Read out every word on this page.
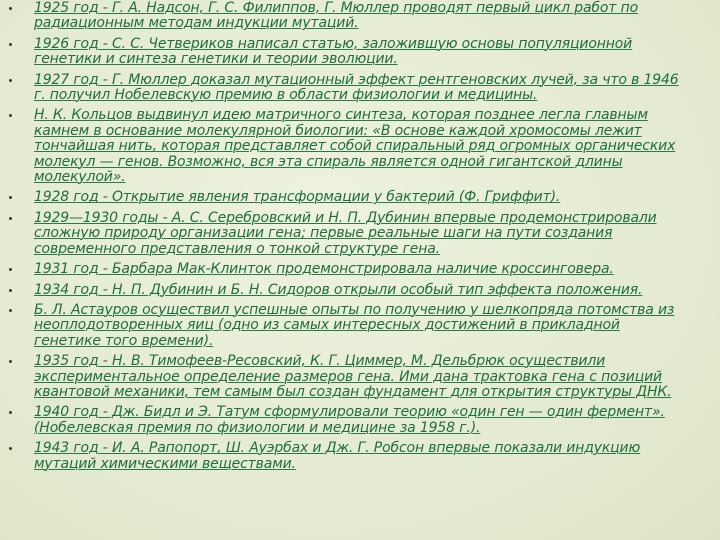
1925 год - Г. А. Надсон, Г. С. Филиппов, Г. Мюллер проводят первый цикл работ по радиационным методам индукции мутаций.
1926 год - С. С. Четвериков написал статью, заложившую основы популяционной генетики и синтеза генетики и теории эволюции.
1927 год - Г. Мюллер доказал мутационный эффект рентгеновских лучей, за что в 1946 г. получил Нобелевскую премию в области физиологии и медицины.
Н. К. Кольцов выдвинул идею матричного синтеза, которая позднее легла главным камнем в основание молекулярной биологии: «В основе каждой хромосомы лежит тончайшая нить, которая представляет собой спиральный ряд огромных органических молекул — генов. Возможно, вся эта спираль является одной гигантской длины молекулой».
1928 год - Открытие явления трансформации у бактерий (Ф. Гриффит).
1929—1930 годы - А. С. Серебровский и Н. П. Дубинин впервые продемонстрировали сложную природу организации гена; первые реальные шаги на пути создания современного представления о тонкой структуре гена.
1931 год - Барбара Мак-Клинток продемонстрировала наличие кроссинговера.
1934 год - Н. П. Дубинин и Б. Н. Сидоров открыли особый тип эффекта положения.
Б. Л. Астауров осуществил успешные опыты по получению у шелкопряда потомства из неоплодотворенных яиц (одно из самых интересных достижений в прикладной генетике того времени).
1935 год - Н. В. Тимофеев-Ресовский, К. Г. Циммер, М. Дельбрюк осуществили экспериментальное определение размеров гена. Ими дана трактовка гена с позиций квантовой механики, тем самым был создан фундамент для открытия структуры ДНК.
1940 год - Дж. Бидл и Э. Татум сформулировали теорию «один ген — один фермент». (Нобелевская премия по физиологии и медицине за 1958 г.).
1943 год - И. А. Рапопорт, Ш. Ауэрбах и Дж. Г. Робсон впервые показали индукцию мутаций химическими веществами.
